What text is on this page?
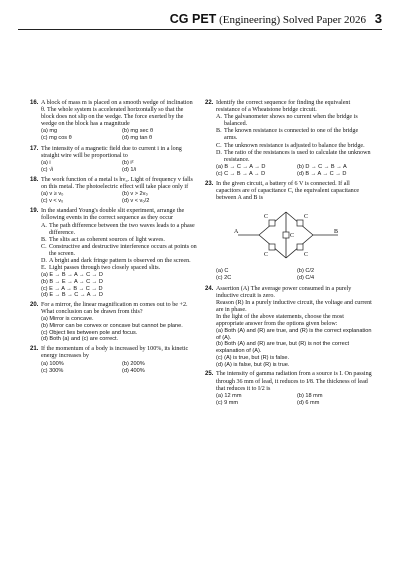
CG PET (Engineering) Solved Paper 2026 3
16. A block of mass m is placed on a smooth wedge of inclination θ. The whole system is accelerated horizontally so that the block does not slip on the wedge. The force exerted by the wedge on the block has a magnitude
(a) mg	(b) mg sec θ
(c) mg cos θ	(d) mg tan θ
17. The intensity of a magnetic field due to current i in a long straight wire will be proportional to
(a) i	(b) i²
(c) √i	(d) 1/i
18. The work function of a metal is hv₀. Light of frequency v falls on this metal. The photoelectric effect will take place only if
(a) v ≥ v₀	(b) v > 2v₀
(c) v < v₀	(d) v < v₀/2
19. In the standard Young's double slit experiment, arrange the following events in the correct sequence as they occur
A. The path difference between the two waves leads to a phase difference.
B. The slits act as coherent sources of light waves.
C. Constructive and destructive interference occurs at points on the screen.
D. A bright and dark fringe pattern is observed on the screen.
E. Light passes through two closely spaced slits.
(a) E → B → A → C → D
(b) B → E → A → C → D
(c) E → A → B → C → D
(d) E → B → C → A → D
20. For a mirror, the linear magnification m comes out to be +2. What conclusion can be drawn from this?
(a) Mirror is concave.
(b) Mirror can be convex or concave but cannot be plane.
(c) Object lies between pole and focus.
(d) Both (a) and (c) are correct.
21. If the momentum of a body is increased by 100%, its kinetic energy increases by
(a) 100%	(b) 200%
(c) 300%	(d) 400%
22. Identify the correct sequence for finding the equivalent resistance of a Wheatstone bridge circuit.
A. The galvanometer shows no current when the bridge is balanced.
B. The known resistance is connected to one of the bridge arms.
C. The unknown resistance is adjusted to balance the bridge.
D. The ratio of the resistances is used to calculate the unknown resistance.
(a) B → C → A → D	(b) D → C → B → A
(c) C → B → A → D	(d) B → A → C → D
23. In the given circuit, a battery of 6 V is connected. If all capacitors are of capacitance C, the equivalent capacitance between A and B is
A	B
C
C
C
C
C
(a) C	(b) C/2
(c) 2C	(d) C/4
24. Assertion (A) The average power consumed in a purely inductive circuit is zero.
Reason (R) In a purely inductive circuit, the voltage and current are in phase.
In the light of the above statements, choose the most appropriate answer from the options given below:
(a) Both (A) and (R) are true, and (R) is the correct explanation of (A).
(b) Both (A) and (R) are true, but (R) is not the correct explanation of (A).
(c) (A) is true, but (R) is false.
(d) (A) is false, but (R) is true.
25. The intensity of gamma radiation from a source is I. On passing through 36 mm of lead, it reduces to I/8. The thickness of lead that reduces it to I/2 is
(a) 12 mm	(b) 18 mm
(c) 9 mm	(d) 6 mm
